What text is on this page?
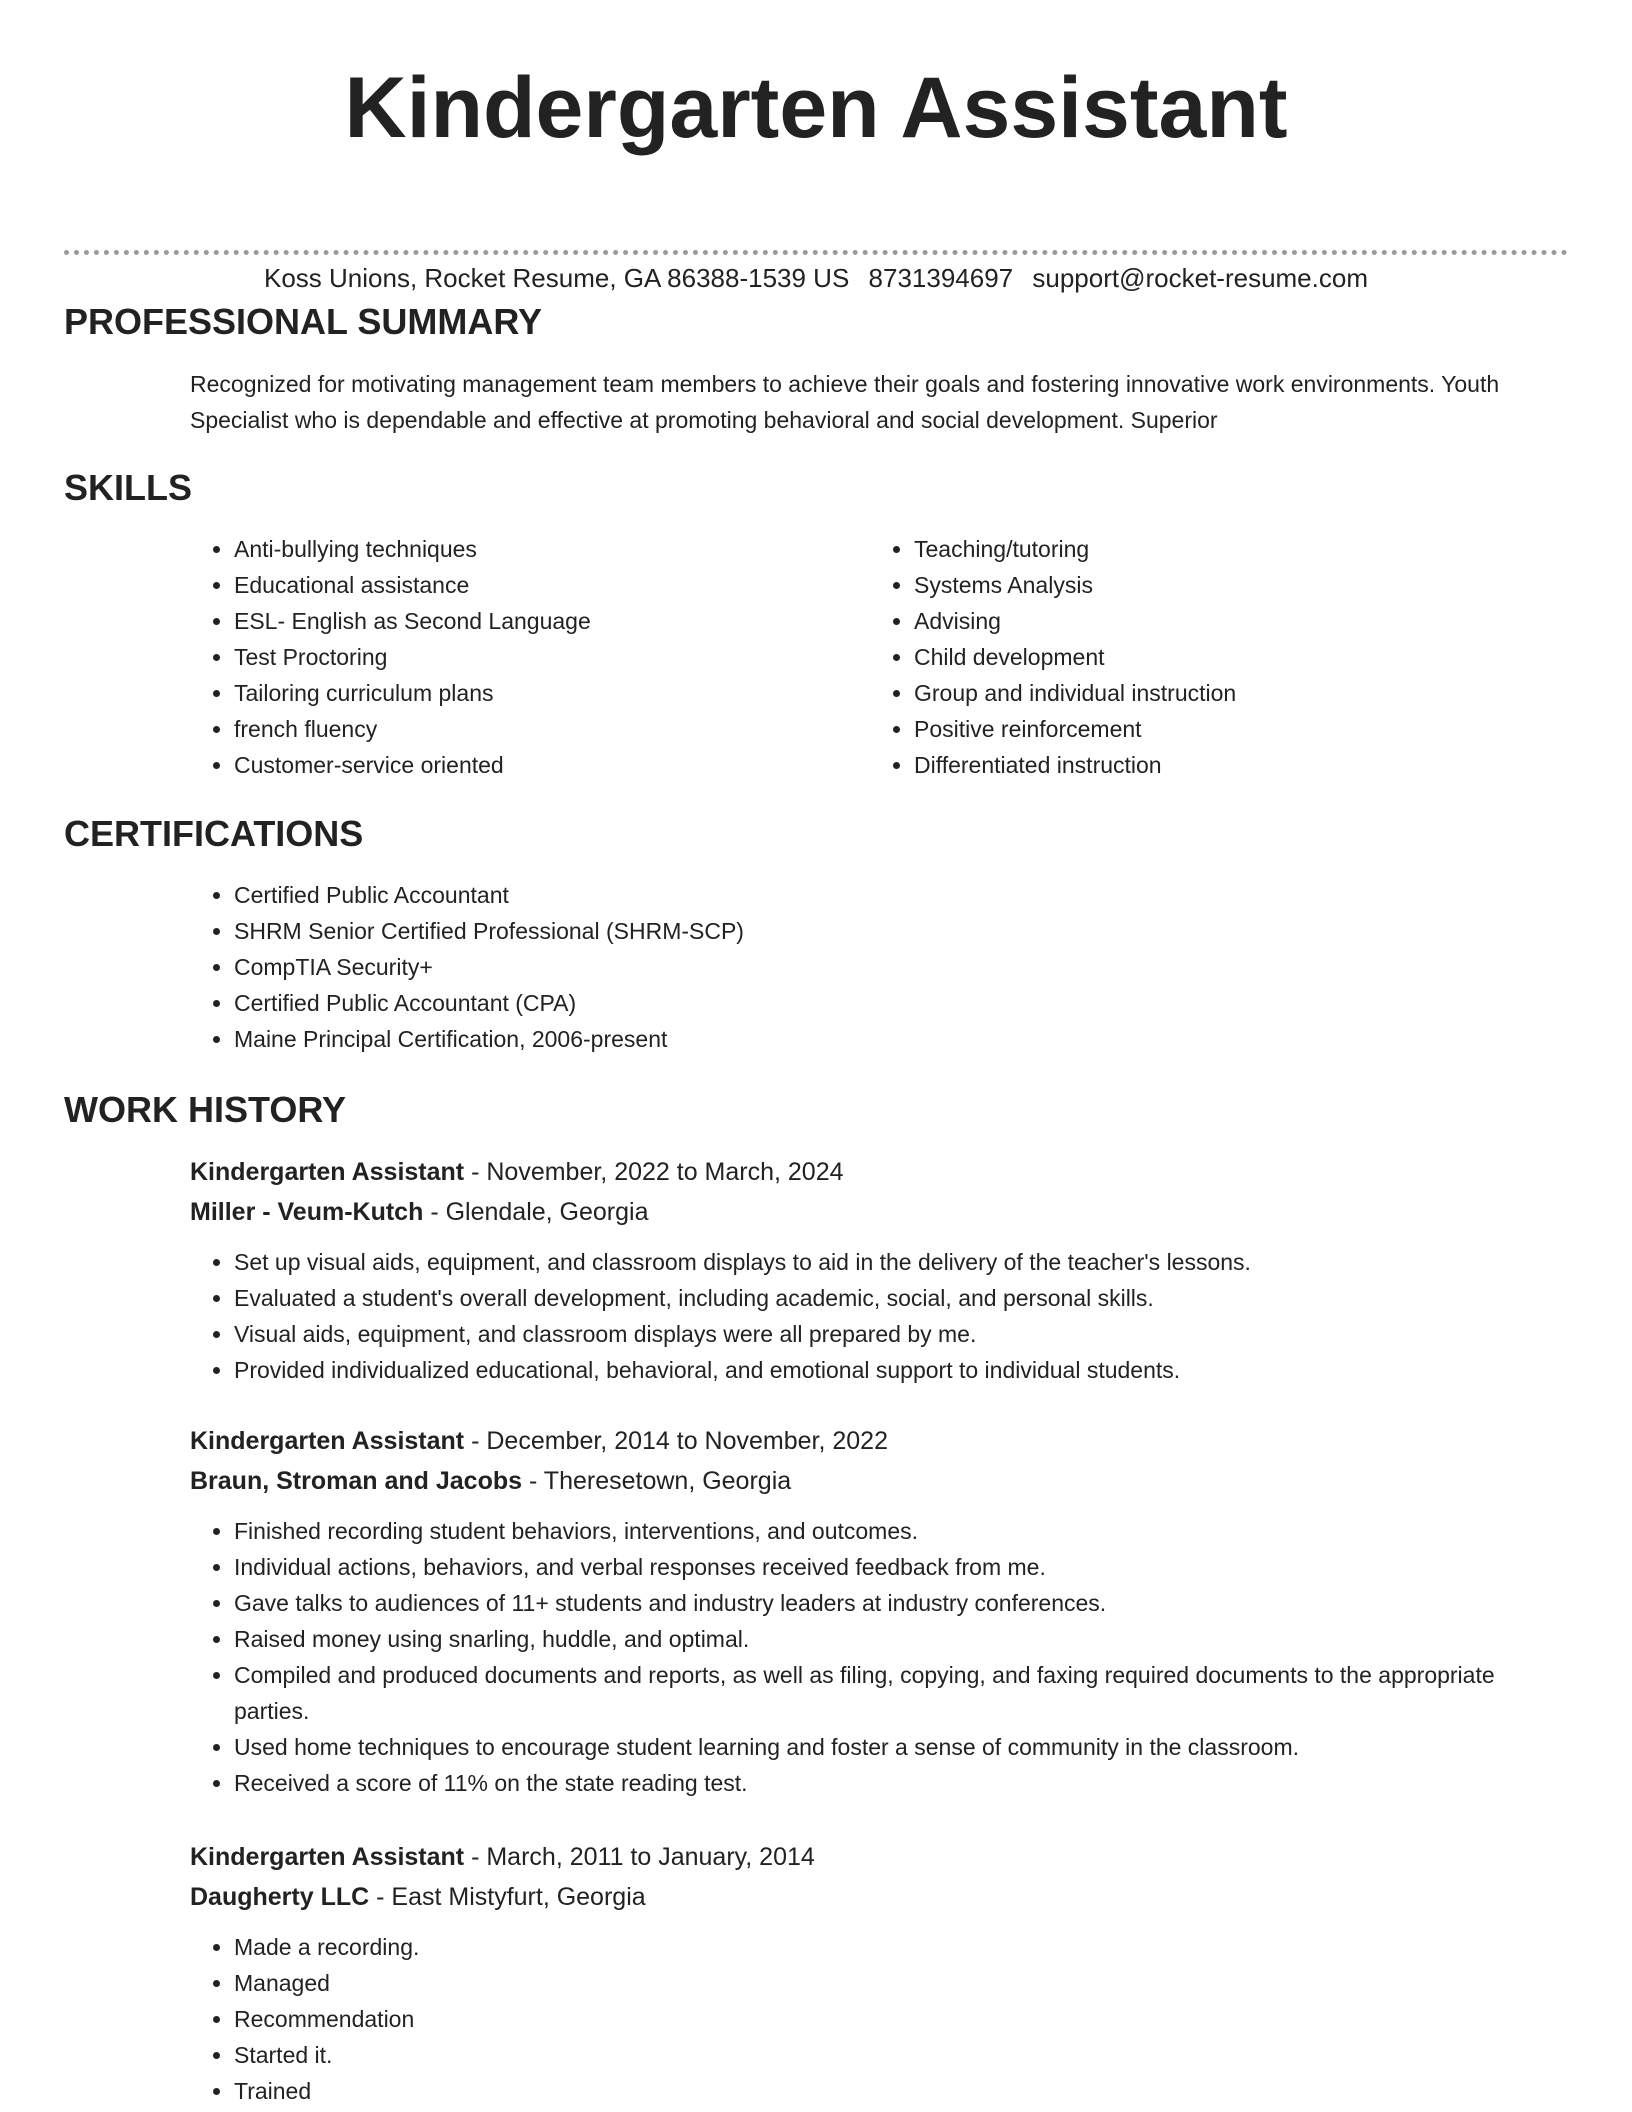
Kindergarten Assistant
Koss Unions, Rocket Resume, GA 86388-1539 US 8731394697 support@rocket-resume.com
PROFESSIONAL SUMMARY

Recognized for motivating management team members to achieve their goals and fostering innovative work environments. Youth Specialist who is dependable and effective at promoting behavioral and social development. Superior

SKILLS
• Anti-bullying techniques
• Educational assistance
• ESL- English as Second Language
• Test Proctoring
• Tailoring curriculum plans
• french fluency
• Customer-service oriented
• Teaching/tutoring
• Systems Analysis
• Advising
• Child development
• Group and individual instruction
• Positive reinforcement
• Differentiated instruction
CERTIFICATIONS
• Certified Public Accountant
• SHRM Senior Certified Professional (SHRM-SCP)
• CompTIA Security+
• Certified Public Accountant (CPA)
• Maine Principal Certification, 2006-present
WORK HISTORY
Kindergarten Assistant - November, 2022 to March, 2024
Miller - Veum-Kutch - Glendale, Georgia
• Set up visual aids, equipment, and classroom displays to aid in the delivery of the teacher's lessons.
• Evaluated a student's overall development, including academic, social, and personal skills.
• Visual aids, equipment, and classroom displays were all prepared by me.
• Provided individualized educational, behavioral, and emotional support to individual students.
Kindergarten Assistant - December, 2014 to November, 2022
Braun, Stroman and Jacobs - Theresetown, Georgia
• Finished recording student behaviors, interventions, and outcomes.
• Individual actions, behaviors, and verbal responses received feedback from me.
• Gave talks to audiences of 11+ students and industry leaders at industry conferences.
• Raised money using snarling, huddle, and optimal.
• Compiled and produced documents and reports, as well as filing, copying, and faxing required documents to the appropriate parties.
• Used home techniques to encourage student learning and foster a sense of community in the classroom.
• Received a score of 11% on the state reading test.
Kindergarten Assistant - March, 2011 to January, 2014
Daugherty LLC - East Mistyfurt, Georgia
• Made a recording.
• Managed
• Recommendation
• Started it.
• Trained
